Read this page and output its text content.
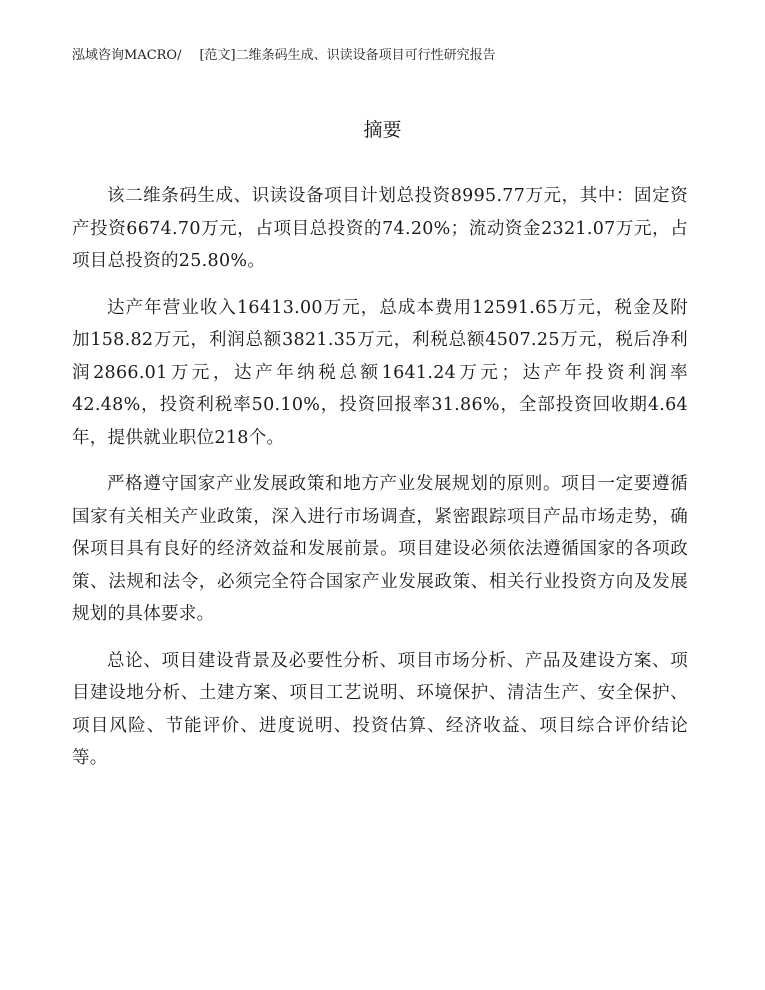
泓域咨询MACRO/ [范文]二维条码生成、识读设备项目可行性研究报告
摘要

该二维条码生成、识读设备项目计划总投资8995.77万元，其中：固定资产投资6674.70万元，占项目总投资的74.20%；流动资金2321.07万元，占项目总投资的25.80%。

达产年营业收入16413.00万元，总成本费用12591.65万元，税金及附加158.82万元，利润总额3821.35万元，利税总额4507.25万元，税后净利润2866.01万元，达产年纳税总额1641.24万元；达产年投资利润率42.48%，投资利税率50.10%，投资回报率31.86%，全部投资回收期4.64年，提供就业职位218个。

严格遵守国家产业发展政策和地方产业发展规划的原则。项目一定要遵循国家有关相关产业政策，深入进行市场调查，紧密跟踪项目产品市场走势，确保项目具有良好的经济效益和发展前景。项目建设必须依法遵循国家的各项政策、法规和法令，必须完全符合国家产业发展政策、相关行业投资方向及发展规划的具体要求。

总论、项目建设背景及必要性分析、项目市场分析、产品及建设方案、项目建设地分析、土建方案、项目工艺说明、环境保护、清洁生产、安全保护、项目风险、节能评价、进度说明、投资估算、经济收益、项目综合评价结论等。
